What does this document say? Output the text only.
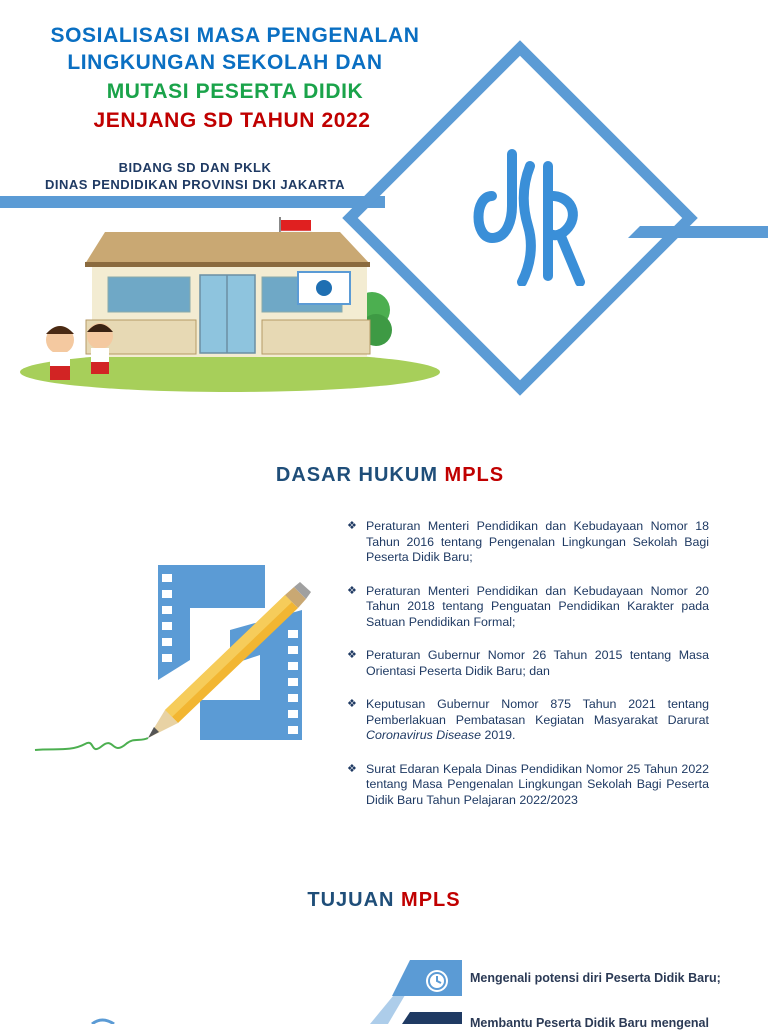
SOSIALISASI MASA PENGENALAN
LINGKUNGAN SEKOLAH DAN
MUTASI PESERTA DIDIK
JENJANG SD TAHUN 2022
BIDANG SD DAN PKLK
DINAS PENDIDIKAN PROVINSI DKI JAKARTA
DASAR HUKUM MPLS
❖ Peraturan Menteri Pendidikan dan Kebudayaan Nomor 18 Tahun 2016 tentang Pengenalan Lingkungan Sekolah Bagi Peserta Didik Baru;
❖ Peraturan Menteri Pendidikan dan Kebudayaan Nomor 20 Tahun 2018 tentang Penguatan Pendidikan Karakter pada Satuan Pendidikan Formal;
❖ Peraturan Gubernur Nomor 26 Tahun 2015 tentang Masa Orientasi Peserta Didik Baru; dan
❖ Keputusan Gubernur Nomor 875 Tahun 2021 tentang Pemberlakuan Pembatasan Kegiatan Masyarakat Darurat Coronavirus Disease 2019.
❖ Surat Edaran Kepala Dinas Pendidikan Nomor 25 Tahun 2022 tentang Masa Pengenalan Lingkungan Sekolah Bagi Peserta Didik Baru Tahun Pelajaran 2022/2023
TUJUAN MPLS
Mengenali potensi diri Peserta Didik Baru;
Membantu Peserta Didik Baru mengenal
